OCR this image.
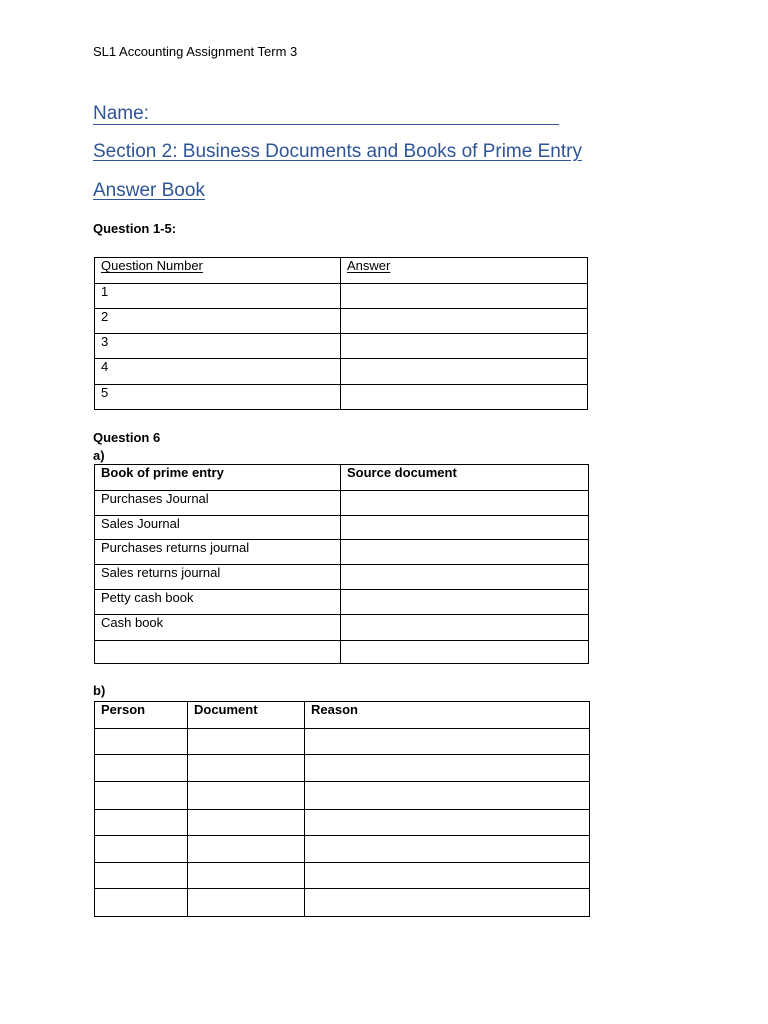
SL1 Accounting Assignment Term 3
Name:
Section 2: Business Documents and Books of Prime Entry
Answer Book
Question 1-5:
Question Number	Answer
1	
2	
3	
4	
5	
Question 6
a)
Book of prime entry	Source document
Purchases Journal	
Sales Journal	
Purchases returns journal	
Sales returns journal	
Petty cash book	
Cash book	

b)
Person	Document	Reason
